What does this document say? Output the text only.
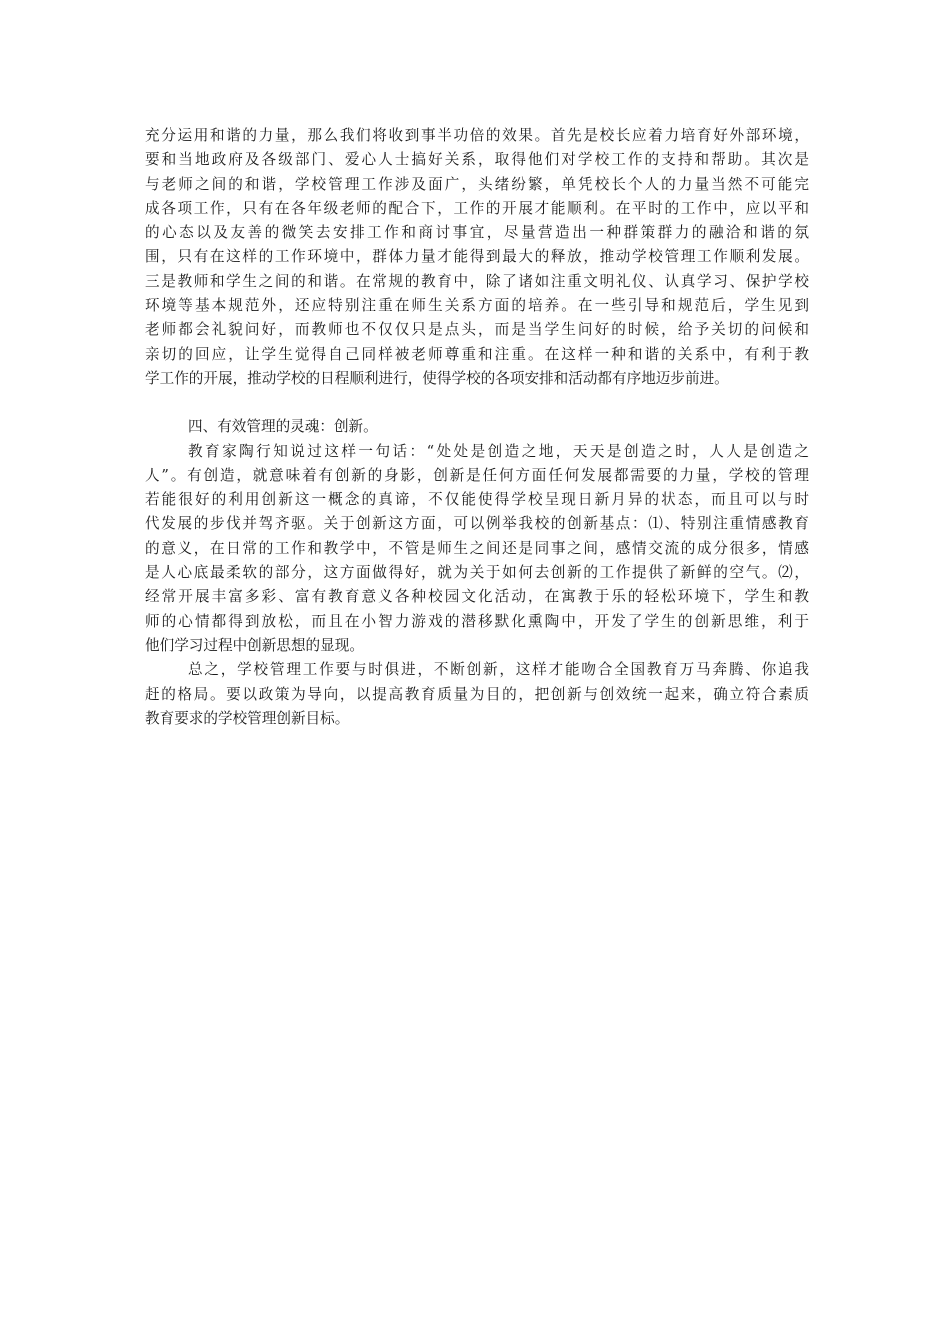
充分运用和谐的力量，那么我们将收到事半功倍的效果。首先是校长应着力培育好外部环境，
要和当地政府及各级部门、爱心人士搞好关系，取得他们对学校工作的支持和帮助。其次是
与老师之间的和谐，学校管理工作涉及面广，头绪纷繁，单凭校长个人的力量当然不可能完
成各项工作，只有在各年级老师的配合下，工作的开展才能顺利。在平时的工作中，应以平和
的心态以及友善的微笑去安排工作和商讨事宜，尽量营造出一种群策群力的融洽和谐的氛
围，只有在这样的工作环境中，群体力量才能得到最大的释放，推动学校管理工作顺利发展。
三是教师和学生之间的和谐。在常规的教育中，除了诸如注重文明礼仪、认真学习、保护学校
环境等基本规范外，还应特别注重在师生关系方面的培养。在一些引导和规范后，学生见到
老师都会礼貌问好，而教师也不仅仅只是点头，而是当学生问好的时候，给予关切的问候和
亲切的回应，让学生觉得自己同样被老师尊重和注重。在这样一种和谐的关系中，有利于教
学工作的开展，推动学校的日程顺利进行，使得学校的各项安排和活动都有序地迈步前进。
四、有效管理的灵魂：创新。
教育家陶行知说过这样一句话：“处处是创造之地，天天是创造之时，人人是创造之
人”。有创造，就意味着有创新的身影，创新是任何方面任何发展都需要的力量，学校的管理
若能很好的利用创新这一概念的真谛，不仅能使得学校呈现日新月异的状态，而且可以与时
代发展的步伐并驾齐驱。关于创新这方面，可以例举我校的创新基点：⑴、特别注重情感教育
的意义，在日常的工作和教学中，不管是师生之间还是同事之间，感情交流的成分很多，情感
是人心底最柔软的部分，这方面做得好，就为关于如何去创新的工作提供了新鲜的空气。⑵，
经常开展丰富多彩、富有教育意义各种校园文化活动，在寓教于乐的轻松环境下，学生和教
师的心情都得到放松，而且在小智力游戏的潜移默化熏陶中，开发了学生的创新思维，利于
他们学习过程中创新思想的显现。
总之，学校管理工作要与时俱进，不断创新，这样才能吻合全国教育万马奔腾、你追我
赶的格局。要以政策为导向，以提高教育质量为目的，把创新与创效统一起来，确立符合素质
教育要求的学校管理创新目标。
